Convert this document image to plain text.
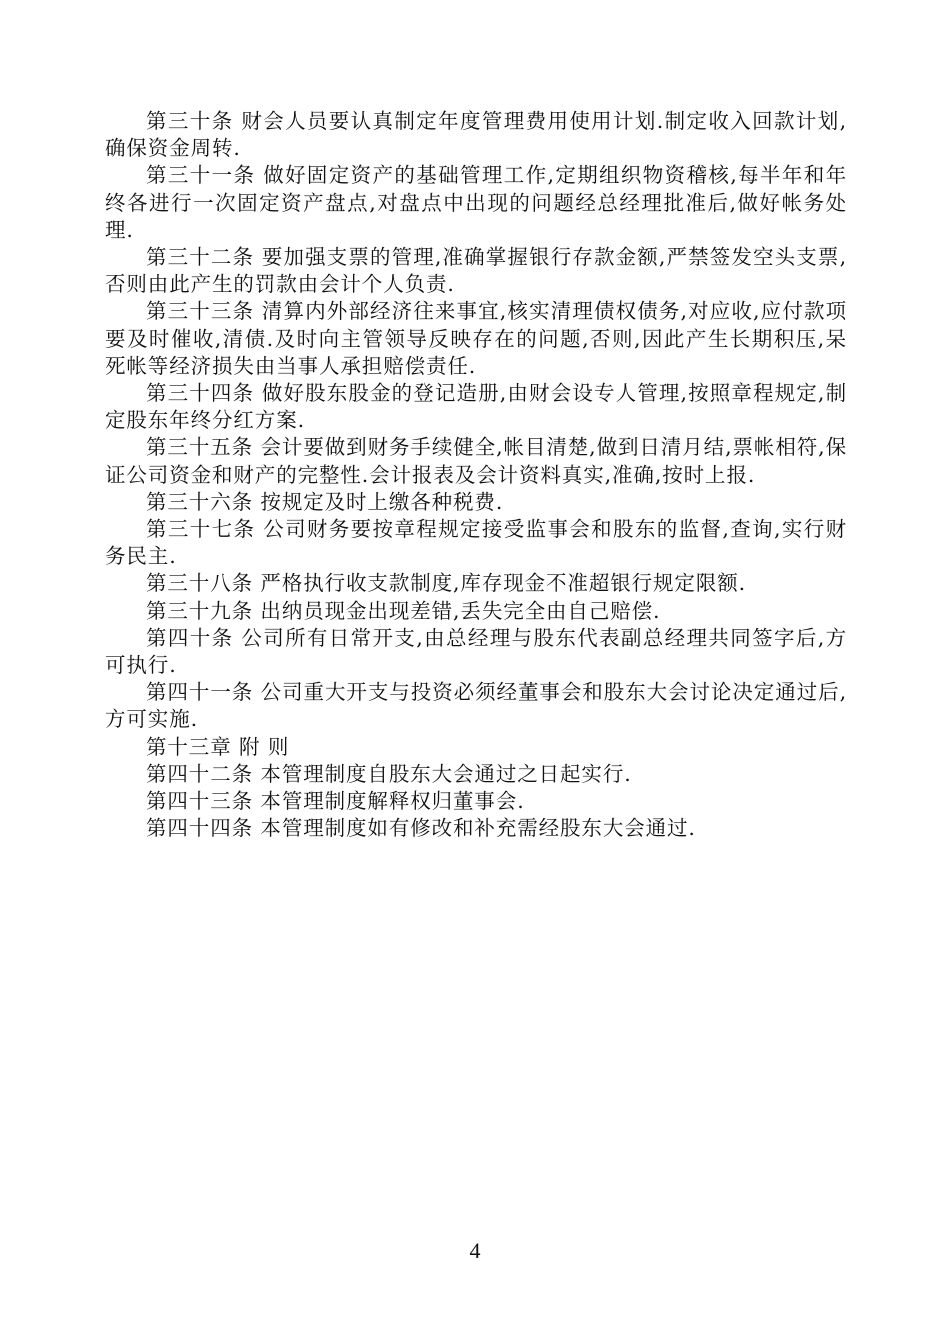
第三十条 财会人员要认真制定年度管理费用使用计划.制定收入回款计划,确保资金周转.

第三十一条 做好固定资产的基础管理工作,定期组织物资稽核,每半年和年终各进行一次固定资产盘点,对盘点中出现的问题经总经理批准后,做好帐务处理.

第三十二条 要加强支票的管理,准确掌握银行存款金额,严禁签发空头支票,否则由此产生的罚款由会计个人负责.

第三十三条 清算内外部经济往来事宜,核实清理债权债务,对应收,应付款项要及时催收,清债.及时向主管领导反映存在的问题,否则,因此产生长期积压,呆死帐等经济损失由当事人承担赔偿责任.

第三十四条 做好股东股金的登记造册,由财会设专人管理,按照章程规定,制定股东年终分红方案.

第三十五条 会计要做到财务手续健全,帐目清楚,做到日清月结,票帐相符,保证公司资金和财产的完整性.会计报表及会计资料真实,准确,按时上报.

第三十六条 按规定及时上缴各种税费.

第三十七条 公司财务要按章程规定接受监事会和股东的监督,查询,实行财务民主.

第三十八条 严格执行收支款制度,库存现金不准超银行规定限额.

第三十九条 出纳员现金出现差错,丢失完全由自己赔偿.

第四十条 公司所有日常开支,由总经理与股东代表副总经理共同签字后,方可执行.

第四十一条 公司重大开支与投资必须经董事会和股东大会讨论决定通过后,方可实施.

第十三章 附 则

第四十二条 本管理制度自股东大会通过之日起实行.

第四十三条 本管理制度解释权归董事会.

第四十四条 本管理制度如有修改和补充需经股东大会通过.

4
